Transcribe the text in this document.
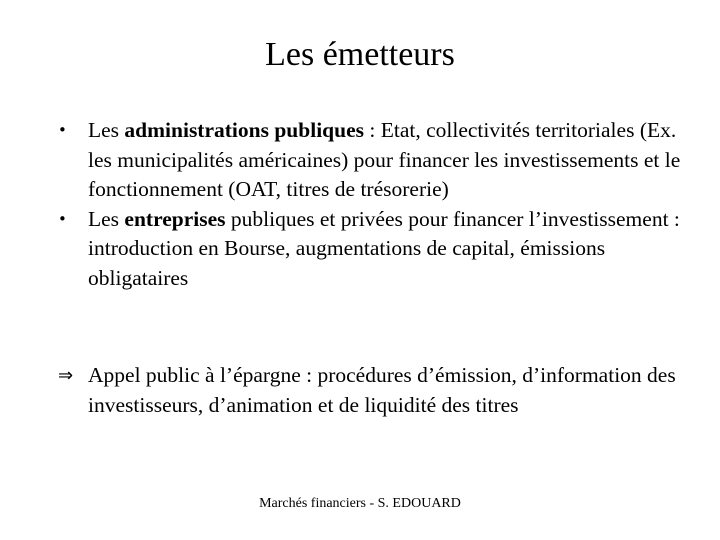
Les émetteurs
• Les administrations publiques : Etat, collectivités territoriales (Ex. les municipalités américaines) pour financer les investissements et le fonctionnement (OAT, titres de trésorerie)
• Les entreprises publiques et privées pour financer l’investissement : introduction en Bourse, augmentations de capital, émissions obligataires
⇒ Appel public à l’épargne : procédures d’émission, d’information des investisseurs, d’animation et de liquidité des titres
Marchés financiers - S. EDOUARD
